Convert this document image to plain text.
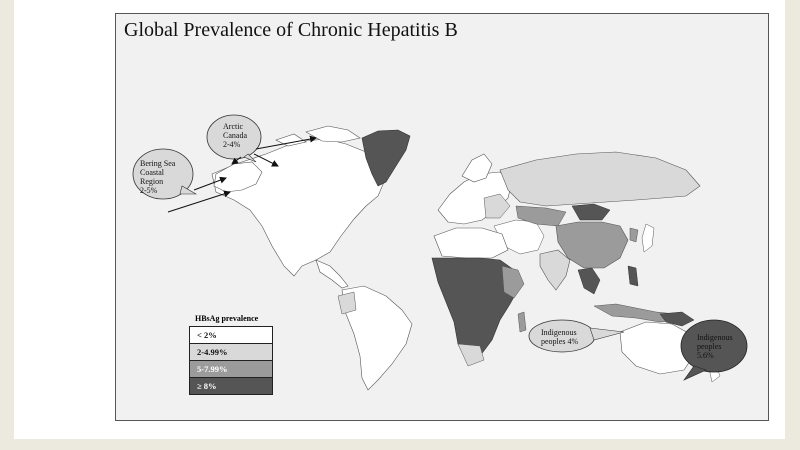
Global Prevalence of Chronic Hepatitis B
Arctic
Canada
2-4%
Bering Sea
Coastal
Region
2-5%
Indigenous
peoples 4%	Indigenous
peoples
5.6%
HBsAg prevalence
< 2%
2-4.99%
5-7.99%
≥ 8%
